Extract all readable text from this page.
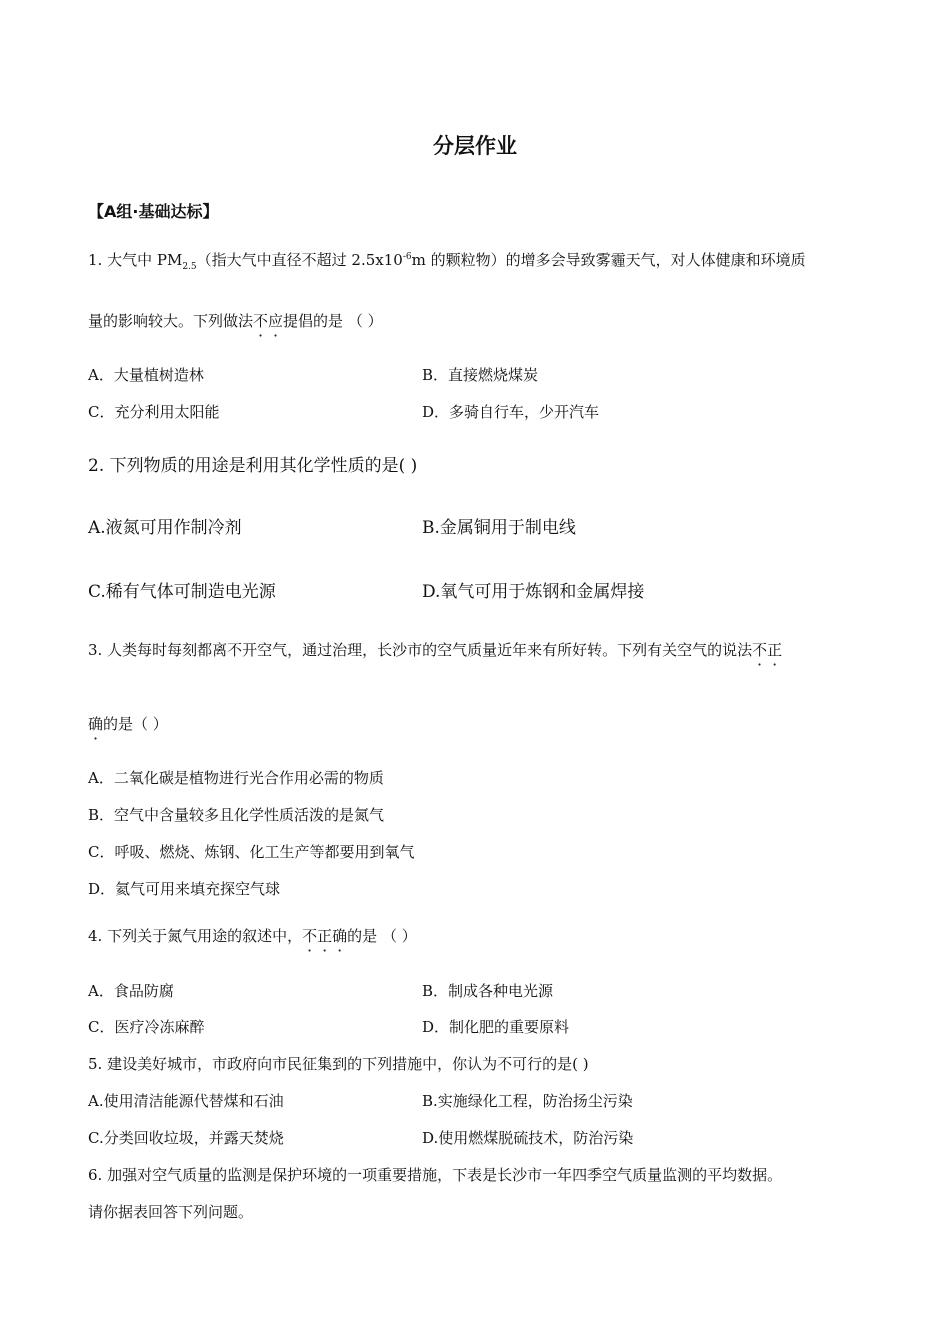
分层作业
【A组·基础达标】
1. 大气中 $PM_{2.5}$（指大气中直径不超过 $2.5x10^{-6}m$ 的颗粒物）的增多会导致雾霾天气，对人体健康和环境质
量的影响较大。下列做法不应提倡的是 （ ）
A．大量植树造林	B．直接燃烧煤炭
C．充分利用太阳能	D．多骑自行车，少开汽车
2. 下列物质的用途是利用其化学性质的是( )
A.液氮可用作制冷剂	B.金属铜用于制电线
C.稀有气体可制造电光源	D.氧气可用于炼钢和金属焊接
3. 人类每时每刻都离不开空气，通过治理，长沙市的空气质量近年来有所好转。下列有关空气的说法不正
确的是（ ）
A．二氧化碳是植物进行光合作用必需的物质
B．空气中含量较多且化学性质活泼的是氮气
C．呼吸、燃烧、炼钢、化工生产等都要用到氧气
D．氦气可用来填充探空气球
4. 下列关于氮气用途的叙述中，不正确的是 （ ）
A．食品防腐	B．制成各种电光源
C．医疗冷冻麻醉	D．制化肥的重要原料
5. 建设美好城市，市政府向市民征集到的下列措施中，你认为不可行的是( )
A.使用清洁能源代替煤和石油	B.实施绿化工程，防治扬尘污染
C.分类回收垃圾，并露天焚烧	D.使用燃煤脱硫技术，防治污染
6. 加强对空气质量的监测是保护环境的一项重要措施，下表是长沙市一年四季空气质量监测的平均数据。
请你据表回答下列问题。
